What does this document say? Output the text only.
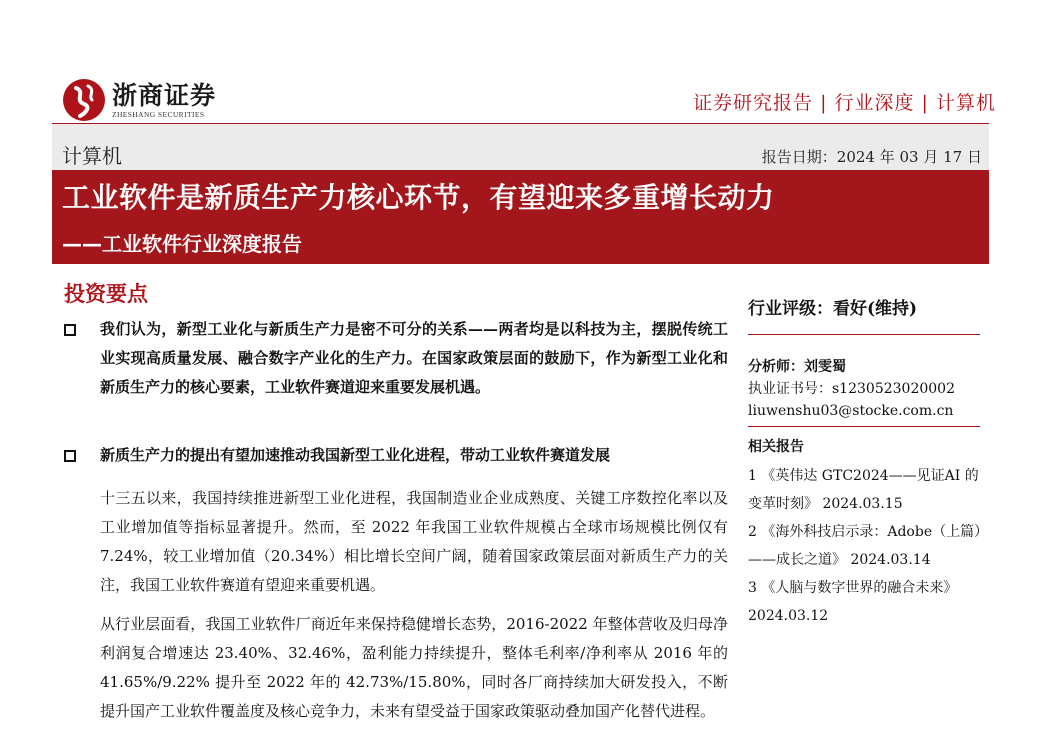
浙商证券
ZHESHANG SECURITIES	证券研究报告 | 行业深度 | 计算机
计算机	报告日期：2024 年 03 月 17 日
工业软件是新质生产力核心环节，有望迎来多重增长动力
——工业软件行业深度报告
投资要点
我们认为，新型工业化与新质生产力是密不可分的关系——两者均是以科技为主，摆脱传统工业实现高质量发展、融合数字产业化的生产力。在国家政策层面的鼓励下，作为新型工业化和新质生产力的核心要素，工业软件赛道迎来重要发展机遇。
新质生产力的提出有望加速推动我国新型工业化进程，带动工业软件赛道发展
十三五以来，我国持续推进新型工业化进程，我国制造业企业成熟度、关键工序数控化率以及工业增加值等指标显著提升。然而，至 2022 年我国工业软件规模占全球市场规模比例仅有 7.24%，较工业增加值（20.34%）相比增长空间广阔，随着国家政策层面对新质生产力的关注，我国工业软件赛道有望迎来重要机遇。
从行业层面看，我国工业软件厂商近年来保持稳健增长态势，2016-2022 年整体营收及归母净利润复合增速达 23.40%、32.46%，盈利能力持续提升，整体毛利率/净利率从 2016 年的 41.65%/9.22% 提升至 2022 年的 42.73%/15.80%，同时各厂商持续加大研发投入，不断提升国产工业软件覆盖度及核心竞争力，未来有望受益于国家政策驱动叠加国产化替代进程。
行业评级：看好(维持)
分析师：刘雯蜀
执业证书号：s1230523020002
liuwenshu03@stocke.com.cn
相关报告
1 《英伟达 GTC2024——见证AI 的变革时刻》 2024.03.15
2 《海外科技启示录：Adobe（上篇）——成长之道》 2024.03.14
3 《人脑与数字世界的融合未来》2024.03.12
